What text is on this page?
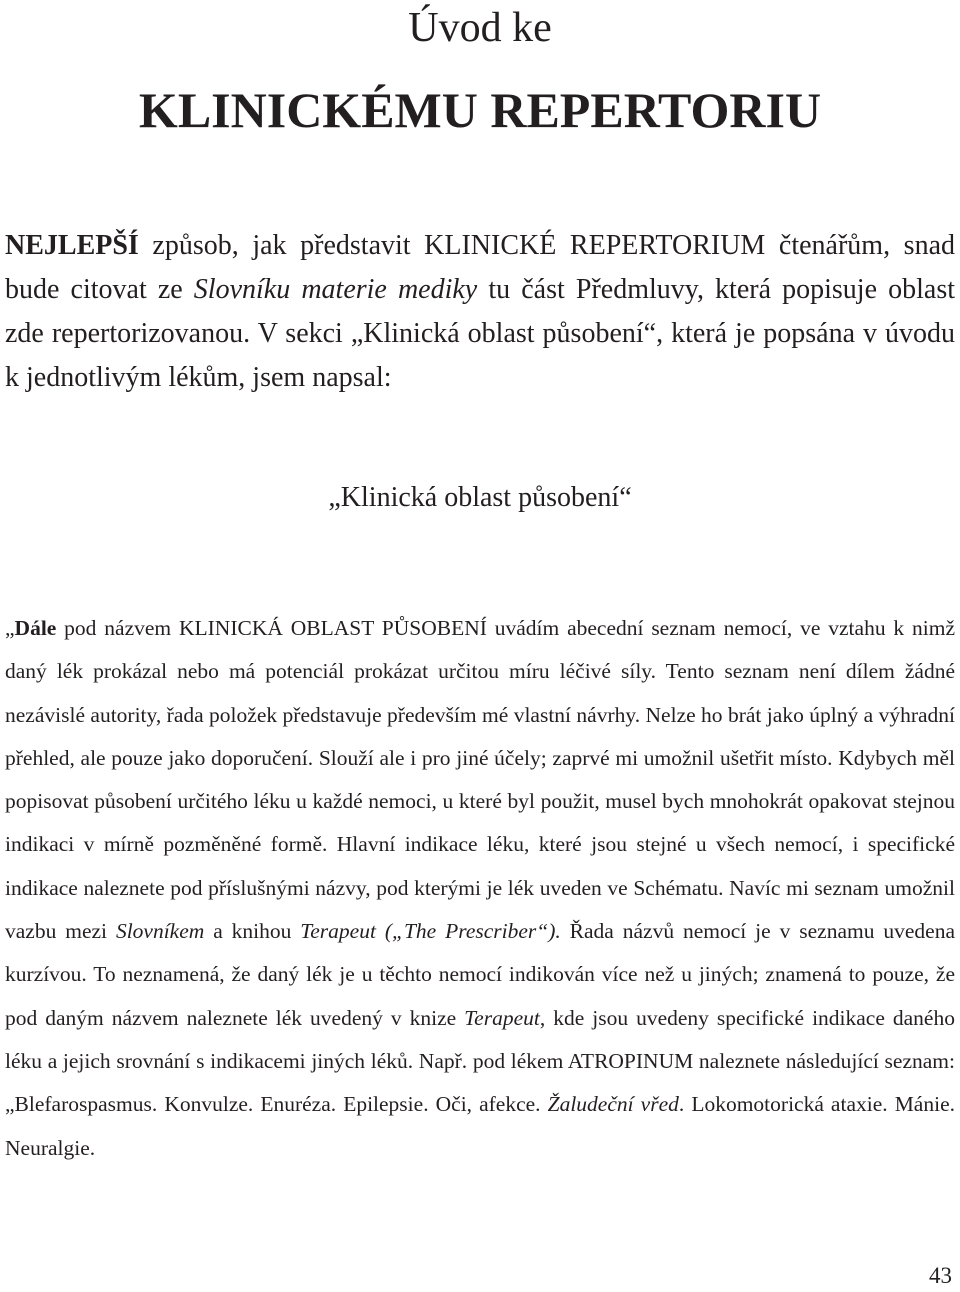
Úvod ke
KLINICKÉMU REPERTORIU

NEJLEPŠÍ způsob, jak představit KLINICKÉ REPERTORIUM čtenářům, snad bude citovat ze Slovníku materie mediky tu část Předmluvy, která popisuje oblast zde repertorizovanou. V sekci „Klinická oblast působení“, která je popsána v úvodu k jednotlivým lékům, jsem napsal:

„Klinická oblast působení“

„Dále pod názvem KLINICKÁ OBLAST PŮSOBENÍ uvádím abecední seznam nemocí, ve vztahu k nimž daný lék prokázal nebo má potenciál prokázat určitou míru léčivé síly. Tento seznam není dílem žádné nezávislé autority, řada položek představuje především mé vlastní návrhy. Nelze ho brát jako úplný a výhradní přehled, ale pouze jako doporučení. Slouží ale i pro jiné účely; zaprvé mi umožnil ušetřit místo. Kdybych měl popisovat působení určitého léku u každé nemoci, u které byl použit, musel bych mnohokrát opakovat stejnou indikaci v mírně pozměněné formě. Hlavní indikace léku, které jsou stejné u všech nemocí, i specifické indikace naleznete pod příslušnými názvy, pod kterými je lék uveden ve Schématu. Navíc mi seznam umožnil vazbu mezi Slovníkem a knihou Terapeut („The Prescriber“). Řada názvů nemocí je v seznamu uvedena kurzívou. To neznamená, že daný lék je u těchto nemocí indikován více než u jiných; znamená to pouze, že pod daným názvem naleznete lék uvedený v knize Terapeut, kde jsou uvedeny specifické indikace daného léku a jejich srovnání s indikacemi jiných léků. Např. pod lékem ATROPINUM naleznete následující seznam: „Blefarospasmus. Konvulze. Enuréza. Epilepsie. Oči, afekce. Žaludeční vřed. Lokomotorická ataxie. Mánie. Neuralgie.

43
